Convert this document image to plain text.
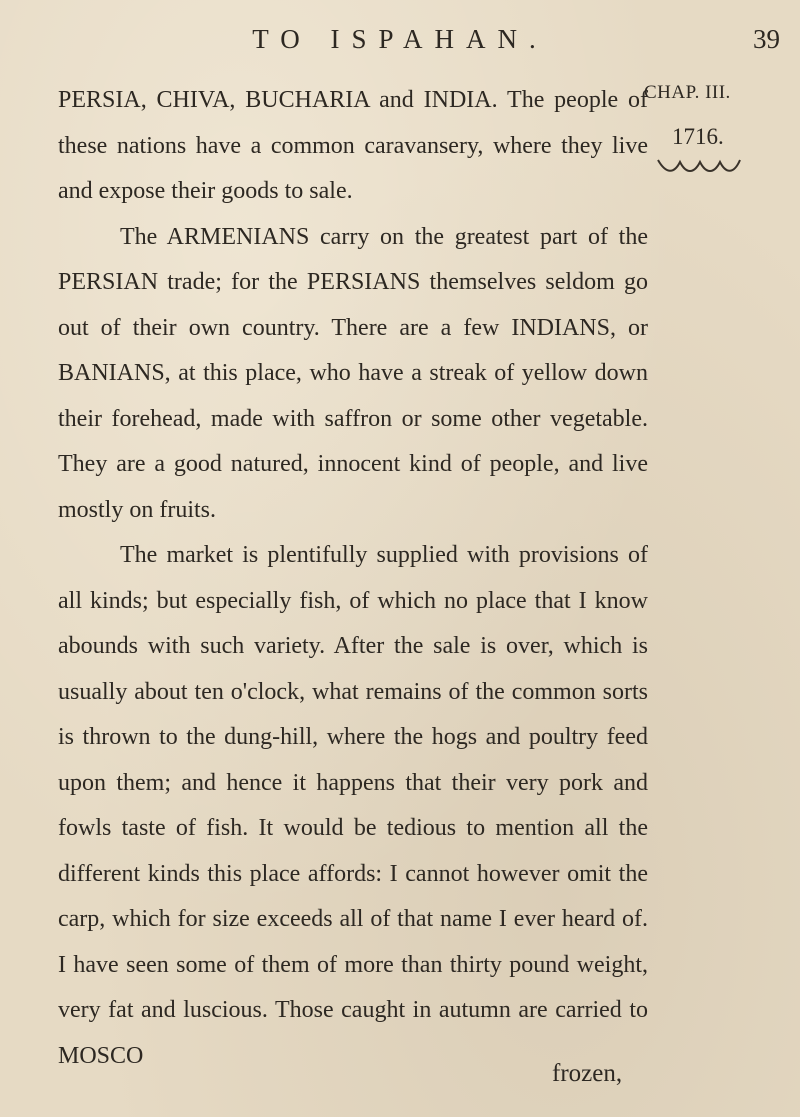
TO ISPAHAN.	39
CHAP. III.
1716.

PERSIA, CHIVA, BUCHARIA and INDIA. The people of these nations have a common caravansery, where they live and expose their goods to sale.

The ARMENIANS carry on the greatest part of the PERSIAN trade; for the PERSIANS themselves seldom go out of their own country. There are a few INDIANS, or BANIANS, at this place, who have a streak of yellow down their forehead, made with saffron or some other vegetable. They are a good natured, innocent kind of people, and live mostly on fruits.

The market is plentifully supplied with provisions of all kinds; but especially fish, of which no place that I know abounds with such variety. After the sale is over, which is usually about ten o'clock, what remains of the common sorts is thrown to the dung-hill, where the hogs and poultry feed upon them; and hence it happens that their very pork and fowls taste of fish. It would be tedious to mention all the different kinds this place affords: I cannot however omit the carp, which for size exceeds all of that name I ever heard of. I have seen some of them of more than thirty pound weight, very fat and luscious. Those caught in autumn are carried to MOSCO

frozen,
